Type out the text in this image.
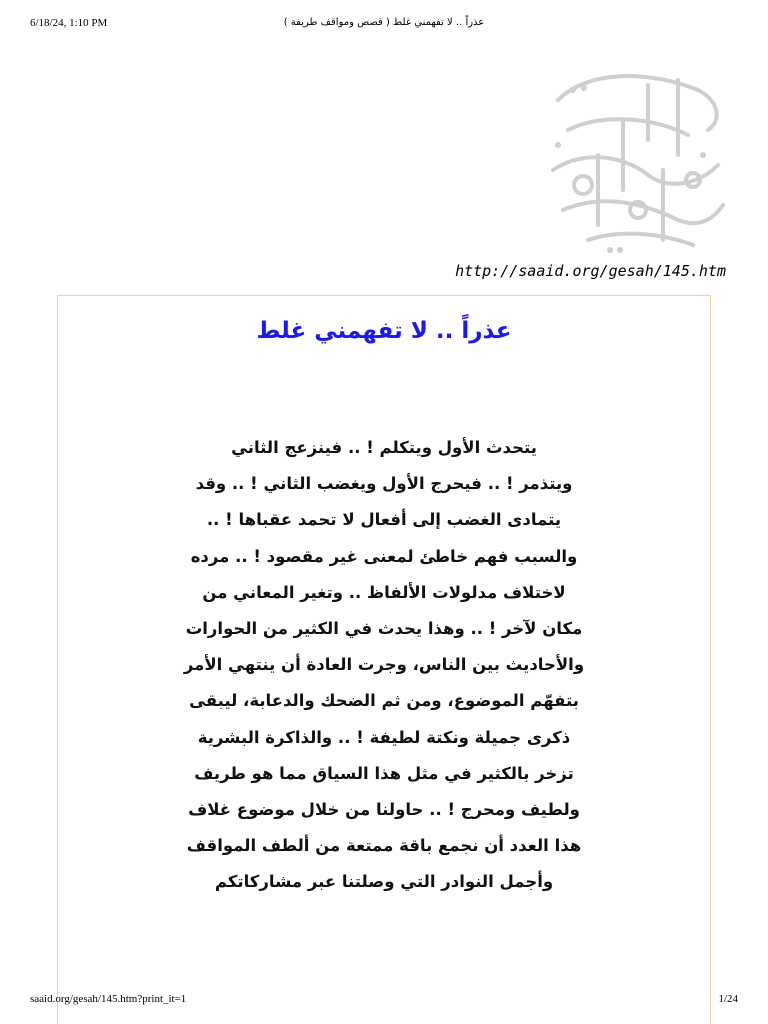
6/18/24, 1:10 PM	عذراً .. لا تفهمني غلط ( قصص ومواقف طريفة )
http://saaid.org/gesah/145.htm
عذراً .. لا تفهمني غلط
يتحدث الأول ويتكلم ! .. فينزعج الثاني
ويتذمر ! .. فيحرج الأول ويغضب الثاني ! .. وقد
يتمادى الغضب إلى أفعال لا تحمد عقباها ! ..
والسبب فهم خاطئ لمعنى غير مقصود ! .. مرده
لاختلاف مدلولات الألفاظ .. وتغير المعاني من
مكان لآخر ! .. وهذا يحدث في الكثير من الحوارات
والأحاديث بين الناس، وجرت العادة أن ينتهي الأمر
بتفهّم الموضوع، ومن ثم الضحك والدعابة، ليبقى
ذكرى جميلة ونكتة لطيفة ! .. والذاكرة البشرية
تزخر بالكثير في مثل هذا السياق مما هو طريف
ولطيف ومحرج ! .. حاولنا من خلال موضوع غلاف
هذا العدد أن نجمع باقة ممتعة من ألطف المواقف
وأجمل النوادر التي وصلتنا عبر مشاركاتكم
saaid.org/gesah/145.htm?print_it=1	1/24
